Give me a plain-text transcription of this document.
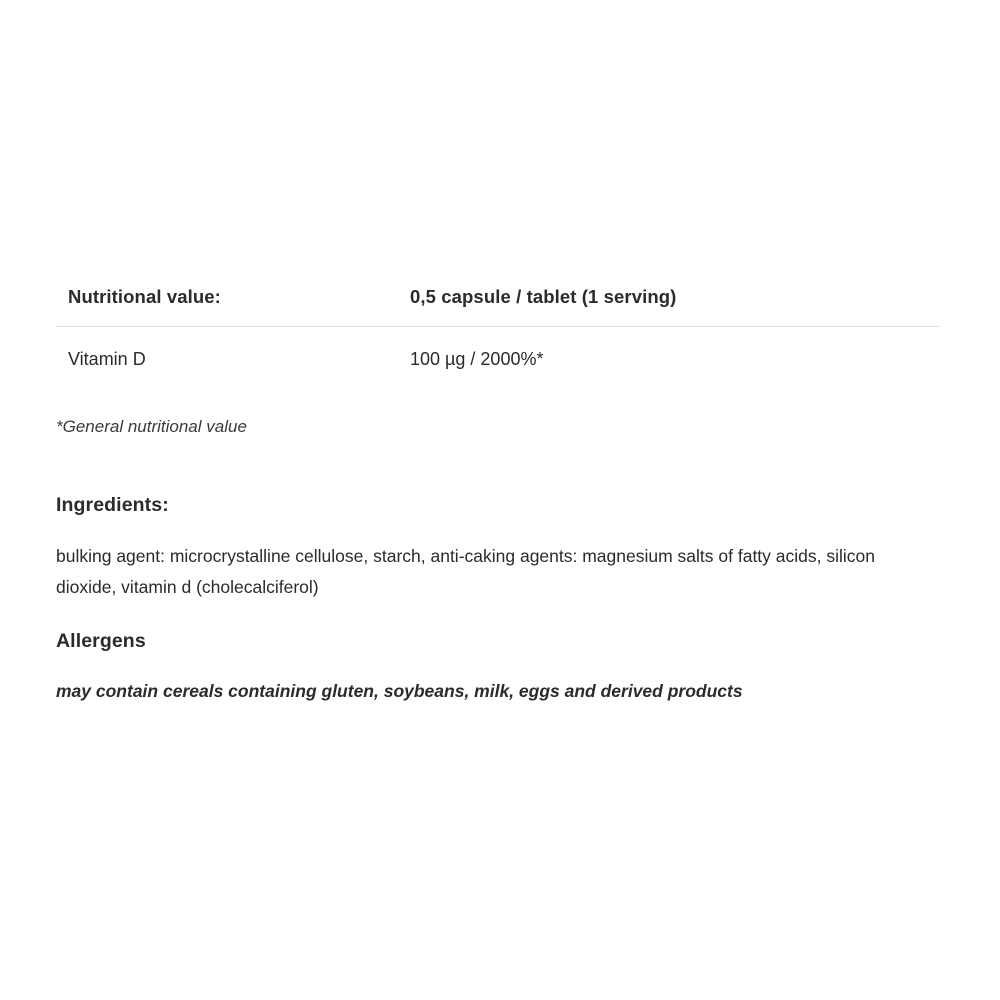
Nutritional value:	0,5 capsule / tablet (1 serving)
Vitamin D	100 µg / 2000%*
*General nutritional value
Ingredients:
bulking agent: microcrystalline cellulose, starch, anti-caking agents: magnesium salts of fatty acids, silicon dioxide, vitamin d (cholecalciferol)
Allergens
may contain cereals containing gluten, soybeans, milk, eggs and derived products
